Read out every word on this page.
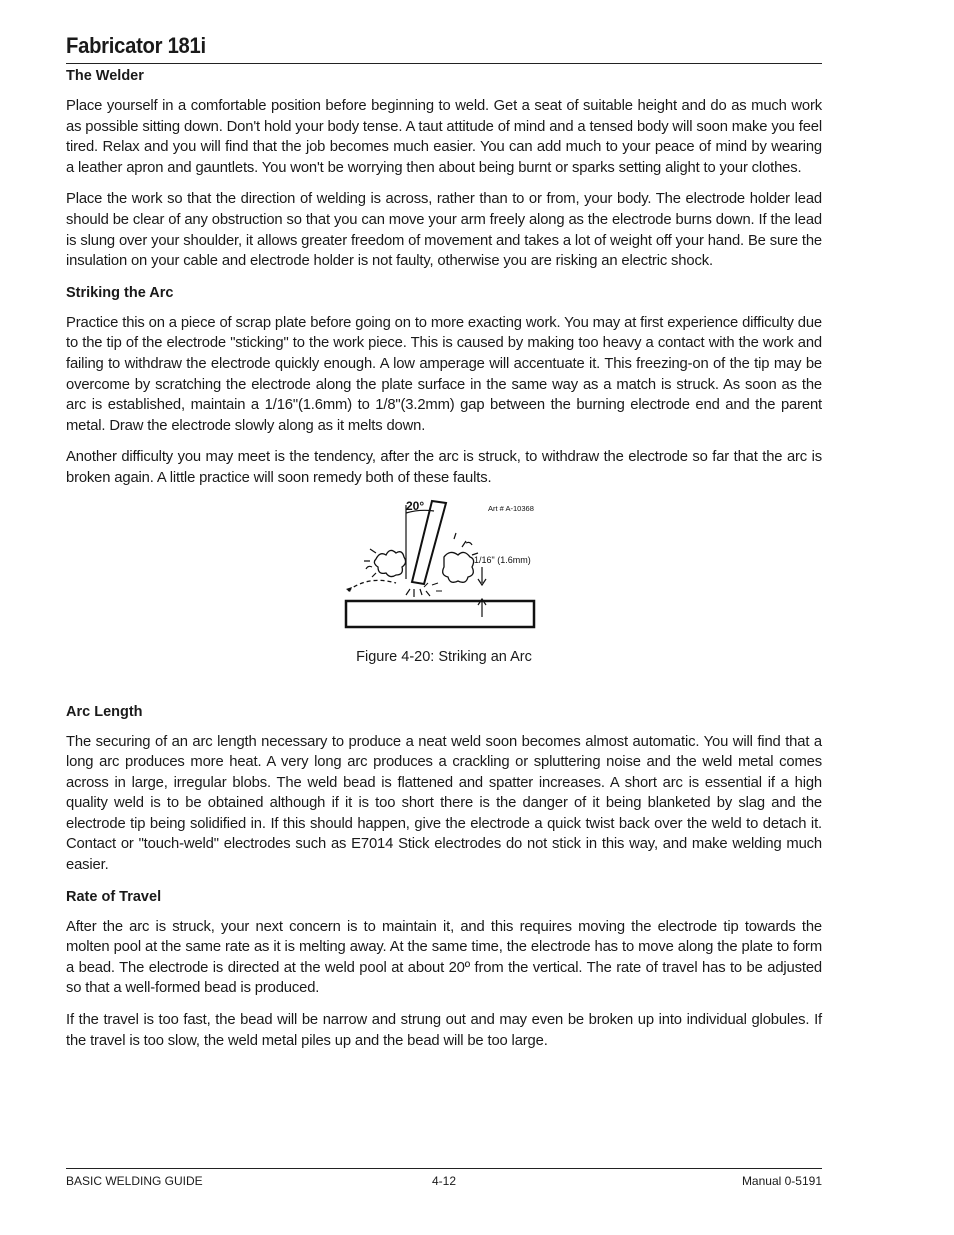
Fabricator 181i
The Welder

Place yourself in a comfortable position before beginning to weld. Get a seat of suitable height and do as much work as possible sitting down. Don't hold your body tense. A taut attitude of mind and a tensed body will soon make you feel tired. Relax and you will find that the job becomes much easier. You can add much to your peace of mind by wearing a leather apron and gauntlets. You won't be worrying then about being burnt or sparks setting alight to your clothes.

Place the work so that the direction of welding is across, rather than to or from, your body. The electrode holder lead should be clear of any obstruction so that you can move your arm freely along as the electrode burns down. If the lead is slung over your shoulder, it allows greater freedom of movement and takes a lot of weight off your hand. Be sure the insulation on your cable and electrode holder is not faulty, otherwise you are risking an electric shock.

Striking the Arc

Practice this on a piece of scrap plate before going on to more exacting work. You may at first experience difficulty due to the tip of the electrode "sticking" to the work piece. This is caused by making too heavy a contact with the work and failing to withdraw the electrode quickly enough. A low amperage will accentuate it. This freezing-on of the tip may be overcome by scratching the electrode along the plate surface in the same way as a match is struck. As soon as the arc is established, maintain a 1/16"(1.6mm) to 1/8"(3.2mm) gap between the burning electrode end and the parent metal. Draw the electrode slowly along as it melts down.

Another difficulty you may meet is the tendency, after the arc is struck, to withdraw the electrode so far that the arc is broken again. A little practice will soon remedy both of these faults.

20°
1/16" (1.6mm)
Art # A-10368
Figure 4-20: Striking an Arc
Arc Length

The securing of an arc length necessary to produce a neat weld soon becomes almost automatic. You will find that a long arc produces more heat. A very long arc produces a crackling or spluttering noise and the weld metal comes across in large, irregular blobs. The weld bead is flattened and spatter increases. A short arc is essential if a high quality weld is to be obtained although if it is too short there is the danger of it being blanketed by slag and the electrode tip being solidified in. If this should happen, give the electrode a quick twist back over the weld to detach it. Contact or "touch-weld" electrodes such as E7014 Stick electrodes do not stick in this way, and make welding much easier.

Rate of Travel

After the arc is struck, your next concern is to maintain it, and this requires moving the electrode tip towards the molten pool at the same rate as it is melting away. At the same time, the electrode has to move along the plate to form a bead. The electrode is directed at the weld pool at about 20º from the vertical. The rate of travel has to be adjusted so that a well-formed bead is produced.

If the travel is too fast, the bead will be narrow and strung out and may even be broken up into individual globules. If the travel is too slow, the weld metal piles up and the bead will be too large.

BASIC WELDING GUIDE	4-12	Manual 0-5191
